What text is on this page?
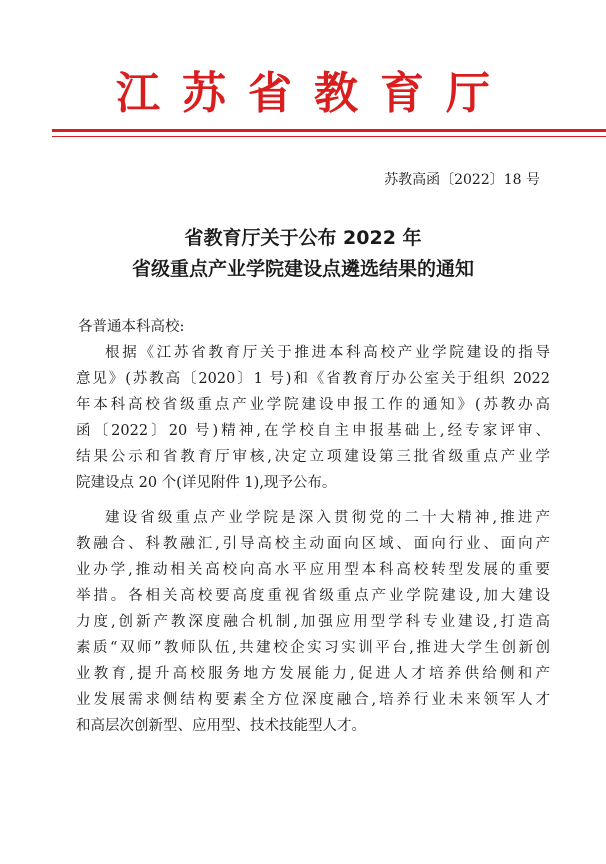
江苏省教育厅
苏教高函〔2022〕18 号
省教育厅关于公布 2022 年
省级重点产业学院建设点遴选结果的通知
各普通本科高校:
根据《江苏省教育厅关于推进本科高校产业学院建设的指导
意见》(苏教高〔2020〕1 号)和《省教育厅办公室关于组织 2022
年本科高校省级重点产业学院建设申报工作的通知》(苏教办高
函〔2022〕20 号)精神,在学校自主申报基础上,经专家评审、
结果公示和省教育厅审核,决定立项建设第三批省级重点产业学
院建设点 20 个(详见附件 1),现予公布。
建设省级重点产业学院是深入贯彻党的二十大精神,推进产
教融合、科教融汇,引导高校主动面向区域、面向行业、面向产
业办学,推动相关高校向高水平应用型本科高校转型发展的重要
举措。各相关高校要高度重视省级重点产业学院建设,加大建设
力度,创新产教深度融合机制,加强应用型学科专业建设,打造高
素质“双师”教师队伍,共建校企实习实训平台,推进大学生创新创
业教育,提升高校服务地方发展能力,促进人才培养供给侧和产
业发展需求侧结构要素全方位深度融合,培养行业未来领军人才
和高层次创新型、应用型、技术技能型人才。
